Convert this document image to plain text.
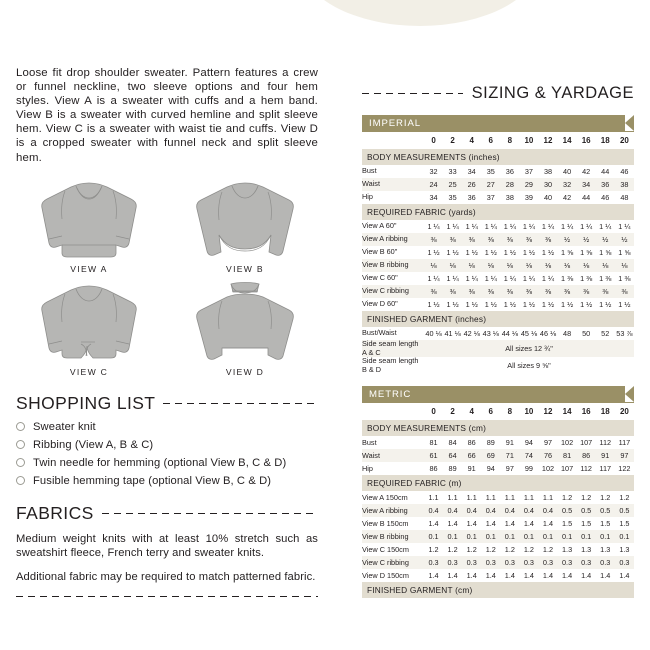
Loose fit drop shoulder sweater. Pattern features a crew or funnel neckline, two sleeve options and four hem styles. View A is a sweater with cuffs and a hem band. View B is a sweater with curved hemline and split sleeve hem. View C is a sweater with waist tie and cuffs. View D is a cropped sweater with funnel neck and split sleeve hem.

VIEW A	VIEW B
VIEW C	VIEW D
SHOPPING LIST
Sweater knit
Ribbing (View A, B & C)
Twin needle for hemming (optional View B, C & D)
Fusible hemming tape (optional View B, C & D)
FABRICS
Medium weight knits with at least 10% stretch such as sweatshirt fleece, French terry and sweater knits.
Additional fabric may be required to match patterned fabric.
SIZING & YARDAGE
IMPERIAL
	0	2	4	6	8	10	12	14	16	18	20
BODY MEASUREMENTS (inches)											
Bust	32	33	34	35	36	37	38	40	42	44	46
Waist	24	25	26	27	28	29	30	32	34	36	38
Hip	34	35	36	37	38	39	40	42	44	46	48
REQUIRED FABRIC (yards)											
View A 60"	1 ¼	1 ¼	1 ¼	1 ¼	1 ¼	1 ¼	1 ¼	1 ¼	1 ¼	1 ¼	1 ¼
View A ribbing	⅜	⅜	⅜	⅜	⅜	⅜	⅜	½	½	½	½
View B 60"	1 ½	1 ½	1 ½	1 ½	1 ½	1 ½	1 ½	1 ⅝	1 ⅝	1 ⅝	1 ⅝
View B ribbing	⅛	⅛	⅛	⅛	⅛	⅛	⅛	⅛	⅛	⅛	⅛
View C 60"	1 ¼	1 ¼	1 ¼	1 ¼	1 ¼	1 ¼	1 ¼	1 ⅜	1 ⅜	1 ⅜	1 ⅜
View C ribbing	⅜	⅜	⅜	⅜	⅜	⅜	⅜	⅜	⅜	⅜	⅜
View D 60"	1 ½	1 ½	1 ½	1 ½	1 ½	1 ½	1 ½	1 ½	1 ½	1 ½	1 ½
FINISHED GARMENT (inches)											
Bust/Waist	40 ⅛	41 ⅛	42 ⅛	43 ⅛	44 ⅛	45 ⅛	46 ⅛	48	50	52	53 ⅞
Side seam length A & C	All sizes 12 ¾"										
Side seam length B & D	All sizes 9 ⅝"										
METRIC
	0	2	4	6	8	10	12	14	16	18	20
BODY MEASUREMENTS (cm)											
Bust	81	84	86	89	91	94	97	102	107	112	117
Waist	61	64	66	69	71	74	76	81	86	91	97
Hip	86	89	91	94	97	99	102	107	112	117	122
REQUIRED FABRIC (m)											
View A 150cm	1.1	1.1	1.1	1.1	1.1	1.1	1.1	1.2	1.2	1.2	1.2
View A ribbing	0.4	0.4	0.4	0.4	0.4	0.4	0.4	0.5	0.5	0.5	0.5
View B 150cm	1.4	1.4	1.4	1.4	1.4	1.4	1.4	1.5	1.5	1.5	1.5
View B ribbing	0.1	0.1	0.1	0.1	0.1	0.1	0.1	0.1	0.1	0.1	0.1
View C 150cm	1.2	1.2	1.2	1.2	1.2	1.2	1.2	1.3	1.3	1.3	1.3
View C ribbing	0.3	0.3	0.3	0.3	0.3	0.3	0.3	0.3	0.3	0.3	0.3
View D 150cm	1.4	1.4	1.4	1.4	1.4	1.4	1.4	1.4	1.4	1.4	1.4
FINISHED GARMENT (cm)											
